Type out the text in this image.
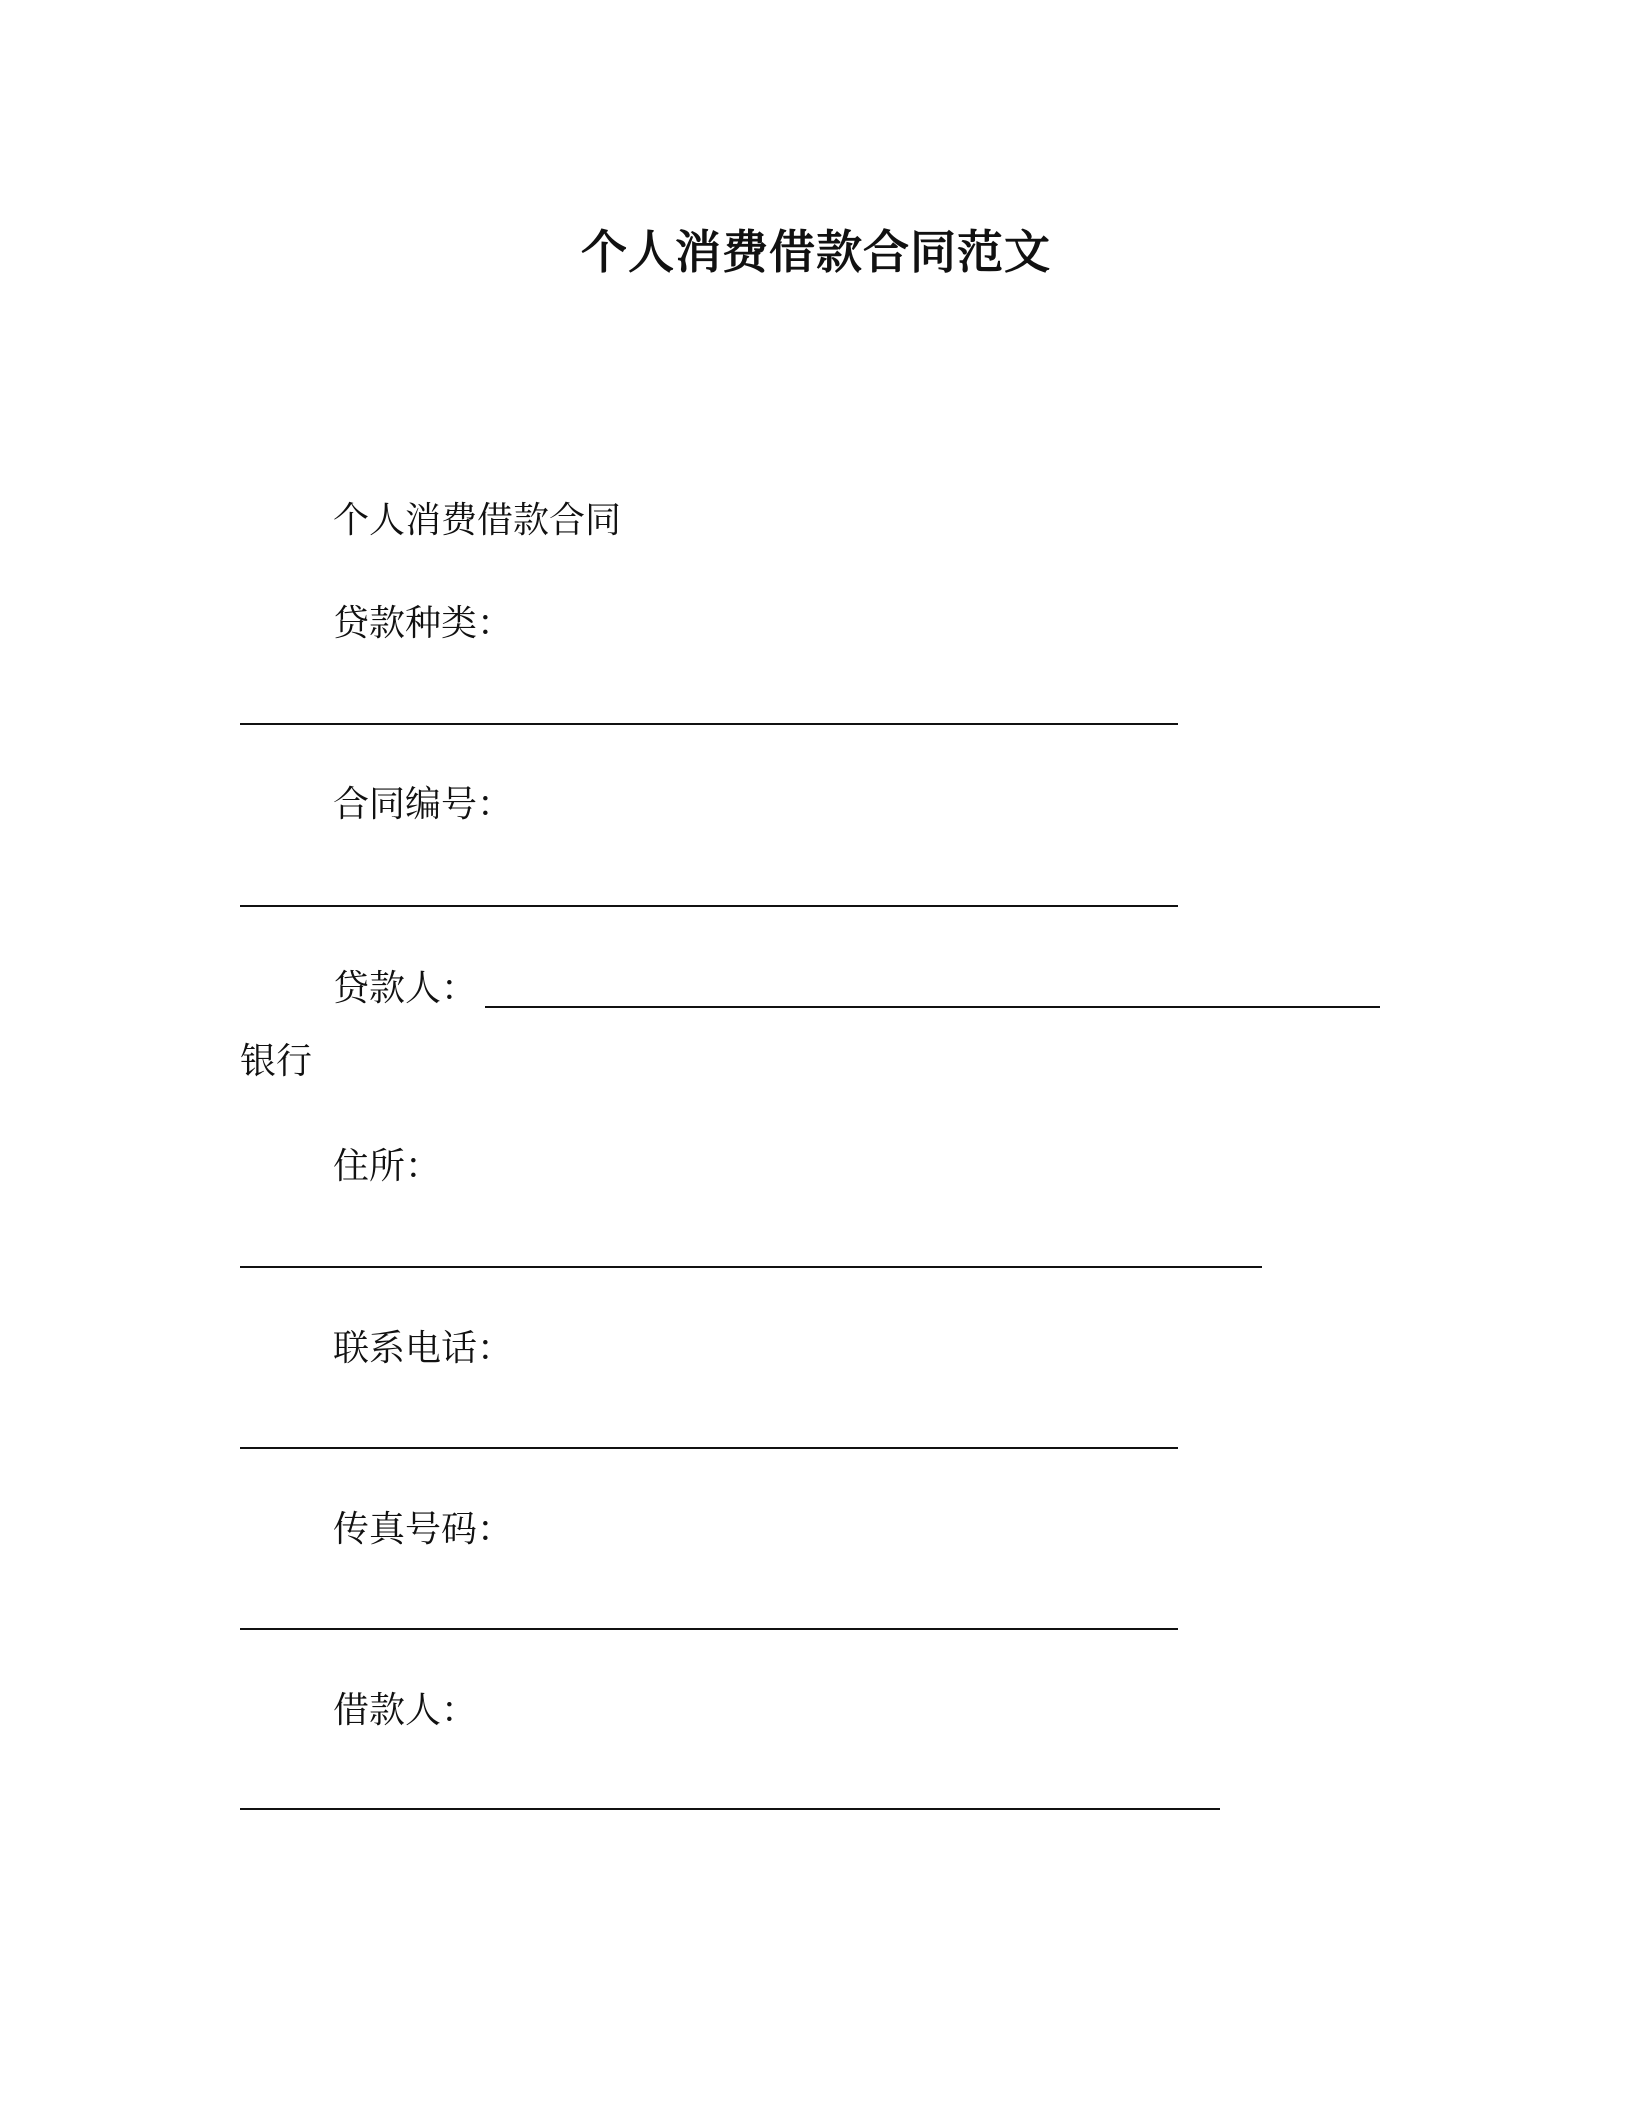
个人消费借款合同范文
个人消费借款合同
贷款种类：
合同编号：
贷款人：
银行
住所：
联系电话：
传真号码：
借款人：
